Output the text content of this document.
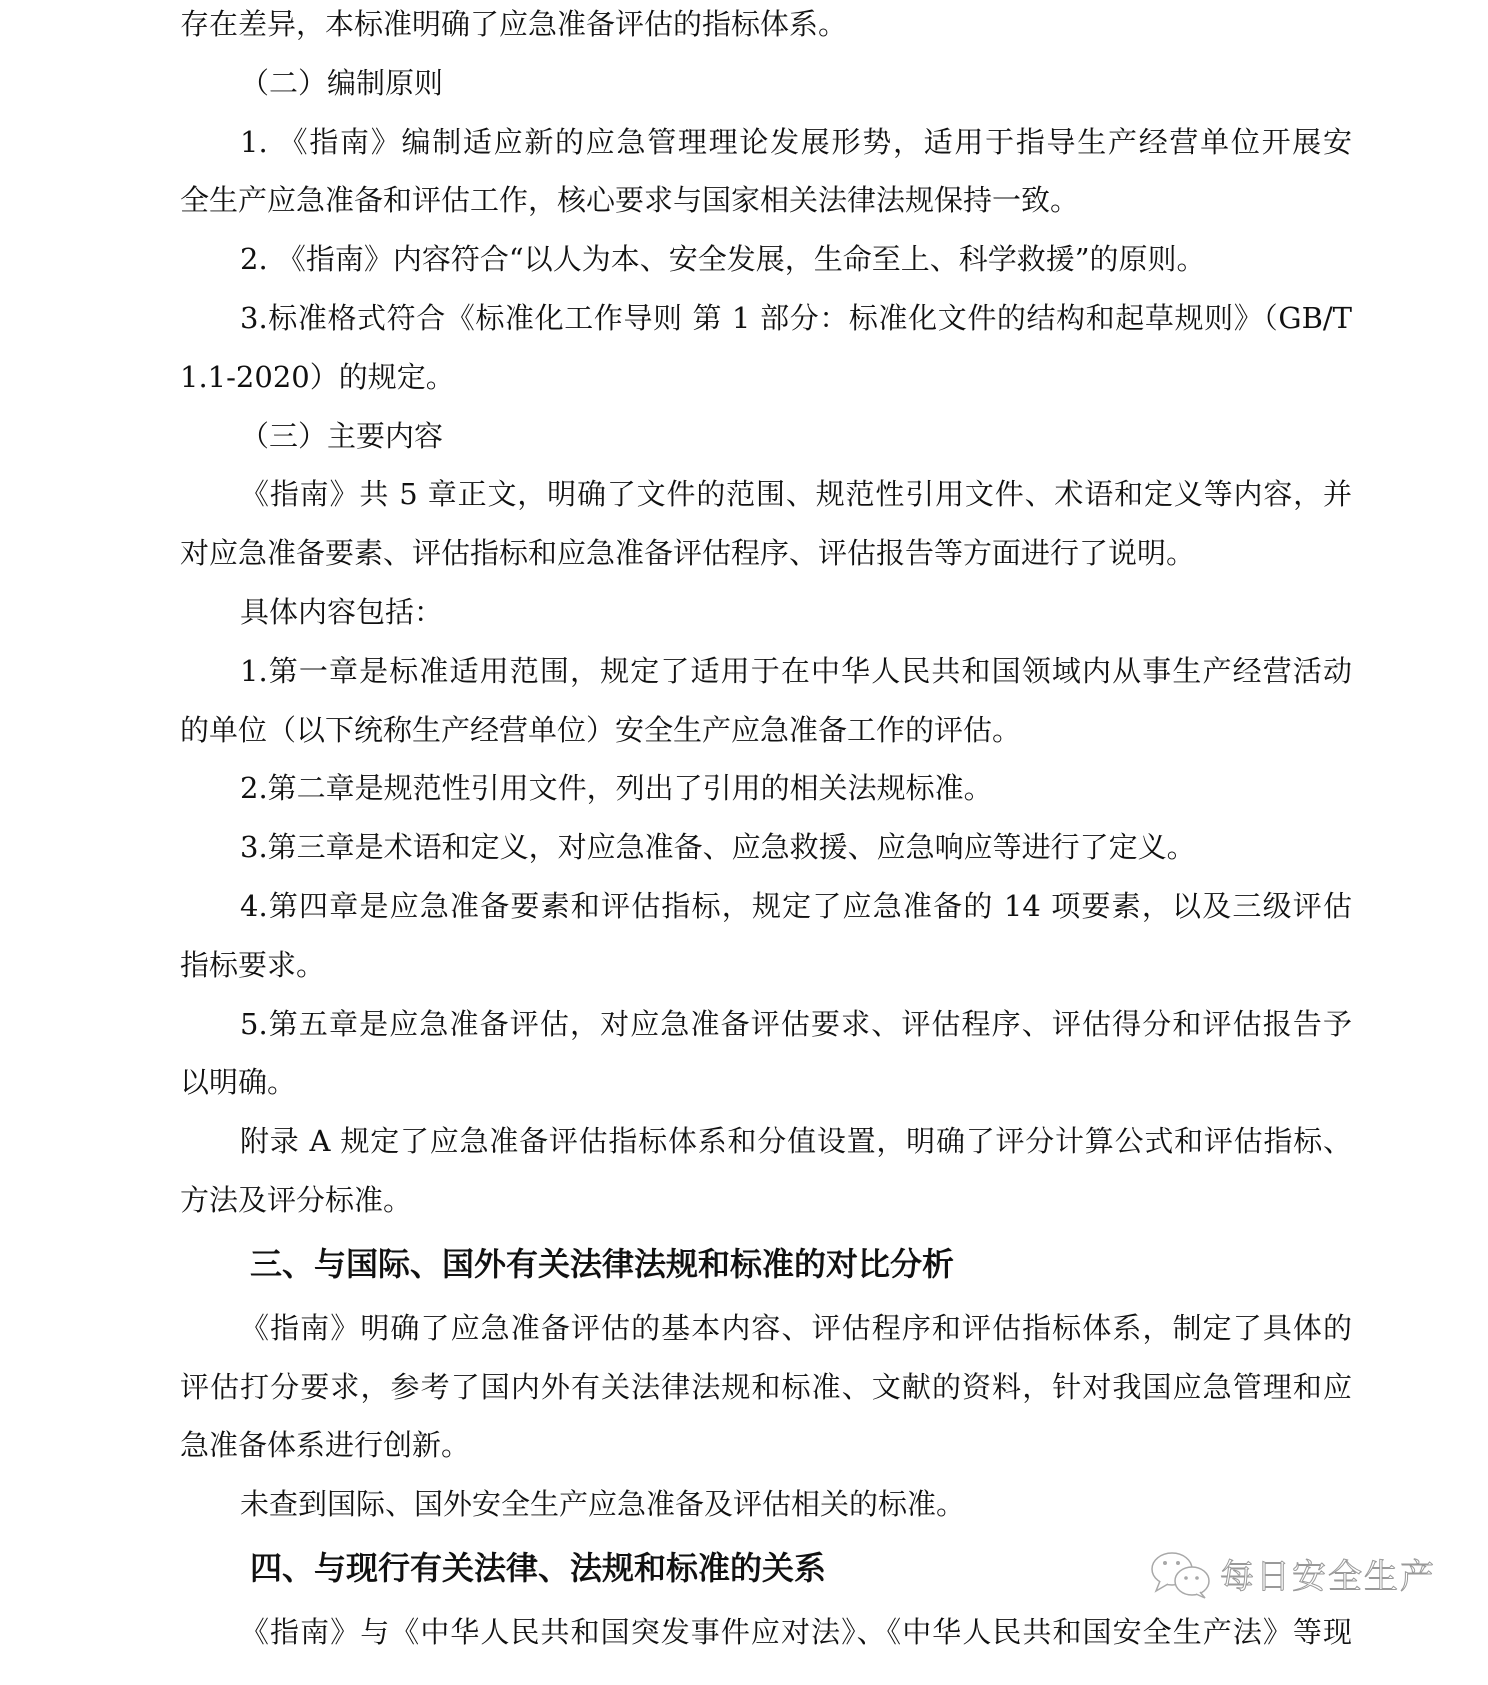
存在差异，本标准明确了应急准备评估的指标体系。
（二）编制原则
1. 《指南》编制适应新的应急管理理论发展形势，适用于指导生产经营单位开展安
全生产应急准备和评估工作，核心要求与国家相关法律法规保持一致。
2. 《指南》内容符合“以人为本、安全发展，生命至上、科学救援”的原则。
3.标准格式符合《标准化工作导则 第 1 部分：标准化文件的结构和起草规则》（GB/T
1.1-2020）的规定。
（三）主要内容
《指南》共 5 章正文，明确了文件的范围、规范性引用文件、术语和定义等内容，并
对应急准备要素、评估指标和应急准备评估程序、评估报告等方面进行了说明。
具体内容包括：
1.第一章是标准适用范围，规定了适用于在中华人民共和国领域内从事生产经营活动
的单位（以下统称生产经营单位）安全生产应急准备工作的评估。
2.第二章是规范性引用文件，列出了引用的相关法规标准。
3.第三章是术语和定义，对应急准备、应急救援、应急响应等进行了定义。
4.第四章是应急准备要素和评估指标，规定了应急准备的 14 项要素，以及三级评估
指标要求。
5.第五章是应急准备评估，对应急准备评估要求、评估程序、评估得分和评估报告予
以明确。
附录 A 规定了应急准备评估指标体系和分值设置，明确了评分计算公式和评估指标、
方法及评分标准。
三、与国际、国外有关法律法规和标准的对比分析
《指南》明确了应急准备评估的基本内容、评估程序和评估指标体系，制定了具体的
评估打分要求，参考了国内外有关法律法规和标准、文献的资料，针对我国应急管理和应
急准备体系进行创新。
未查到国际、国外安全生产应急准备及评估相关的标准。
四、与现行有关法律、法规和标准的关系
《指南》与《中华人民共和国突发事件应对法》、《中华人民共和国安全生产法》等现
每日安全生产
